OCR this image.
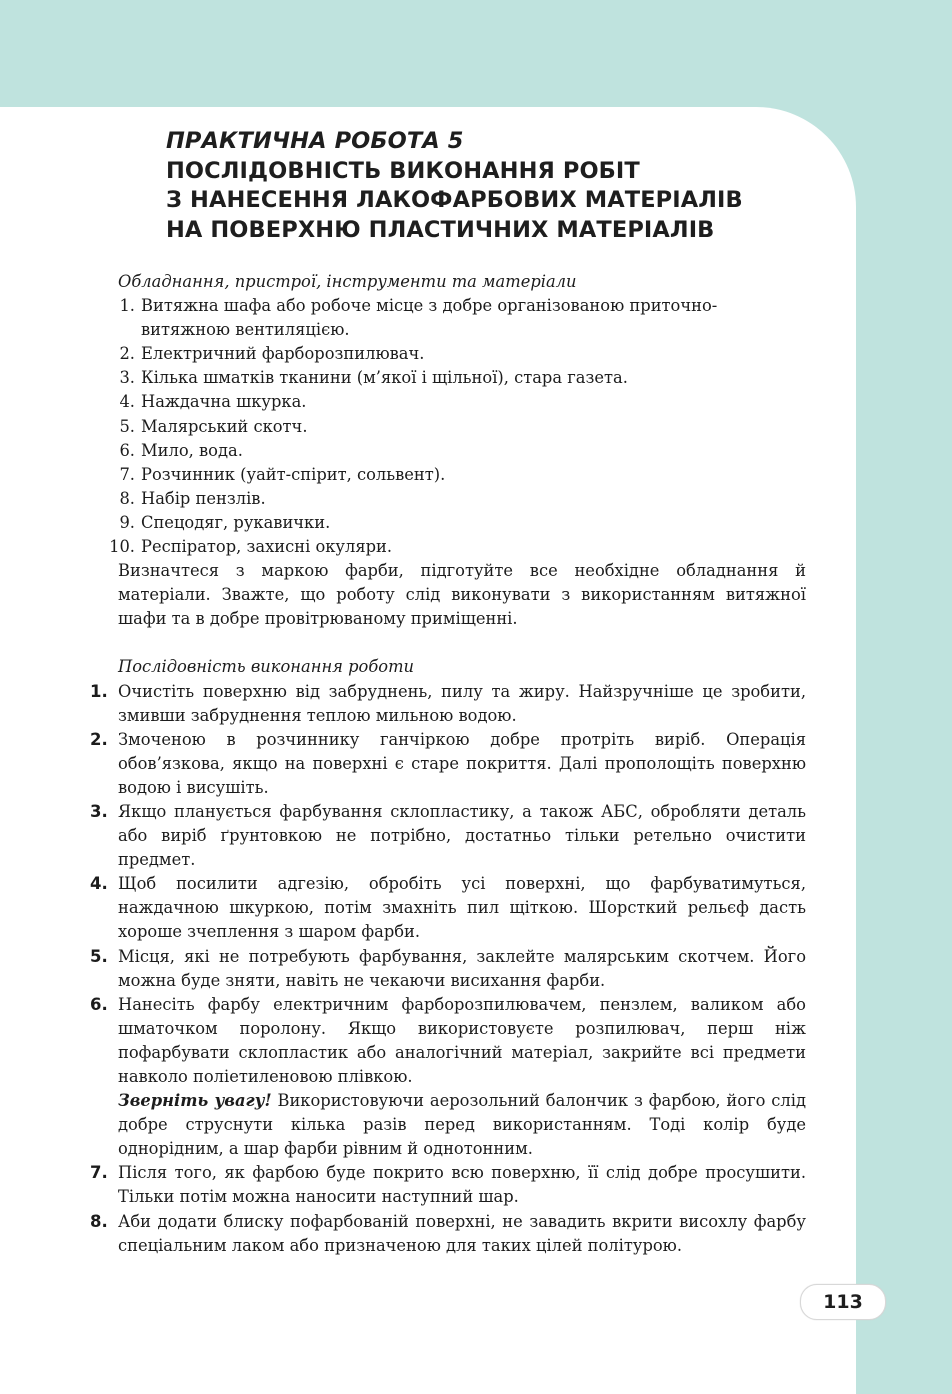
ПРАКТИЧНА РОБОТА 5
ПОСЛІДОВНІСТЬ ВИКОНАННЯ РОБІТ
З НАНЕСЕННЯ ЛАКОФАРБОВИХ МАТЕРІАЛІВ
НА ПОВЕРХНЮ ПЛАСТИЧНИХ МАТЕРІАЛІВ

Обладнання, пристрої, інструменти та матеріали

1. Витяжна шафа або робоче місце з добре організованою приточно-витяжною вентиляцією.
2. Електричний фарборозпилювач.
3. Кілька шматків тканини (м’якої і щільної), стара газета.
4. Наждачна шкурка.
5. Малярський скотч.
6. Мило, вода.
7. Розчинник (уайт-спірит, сольвент).
8. Набір пензлів.
9. Спецодяг, рукавички.
10. Респіратор, захисні окуляри.

Визначтеся з маркою фарби, підготуйте все необхідне обладнання й матеріали. Зважте, що роботу слід виконувати з використанням витяжної шафи та в добре провітрюваному приміщенні.

Послідовність виконання роботи

1. Очистіть поверхню від забруднень, пилу та жиру. Найзручніше це зробити, змивши забруднення теплою мильною водою.
2. Змоченою в розчиннику ганчіркою добре протріть виріб. Операція обов’язкова, якщо на поверхні є старе покриття. Далі прополощіть поверхню водою і висушіть.
3. Якщо планується фарбування склопластику, а також АБС, обробляти деталь або виріб ґрунтовкою не потрібно, достатньо тільки ретельно очистити предмет.
4. Щоб посилити адгезію, обробіть усі поверхні, що фарбуватимуться, наждачною шкуркою, потім змахніть пил щіткою. Шорсткий рельєф дасть хороше зчеплення з шаром фарби.
5. Місця, які не потребують фарбування, заклейте малярським скотчем. Його можна буде зняти, навіть не чекаючи висихання фарби.
6. Нанесіть фарбу електричним фарборозпилювачем, пензлем, валиком або шматочком поролону. Якщо використовуєте розпилювач, перш ніж пофарбувати склопластик або аналогічний матеріал, закрийте всі предмети навколо поліетиленовою плівкою.

Зверніть увагу! Використовуючи аерозольний балончик з фарбою, його слід добре струснути кілька разів перед використанням. Тоді колір буде однорідним, а шар фарби рівним й однотонним.

7. Після того, як фарбою буде покрито всю поверхню, її слід добре просушити. Тільки потім можна наносити наступний шар.
8. Аби додати блиску пофарбованій поверхні, не завадить вкрити висохлу фарбу спеціальним лаком або призначеною для таких цілей політурою.
113
